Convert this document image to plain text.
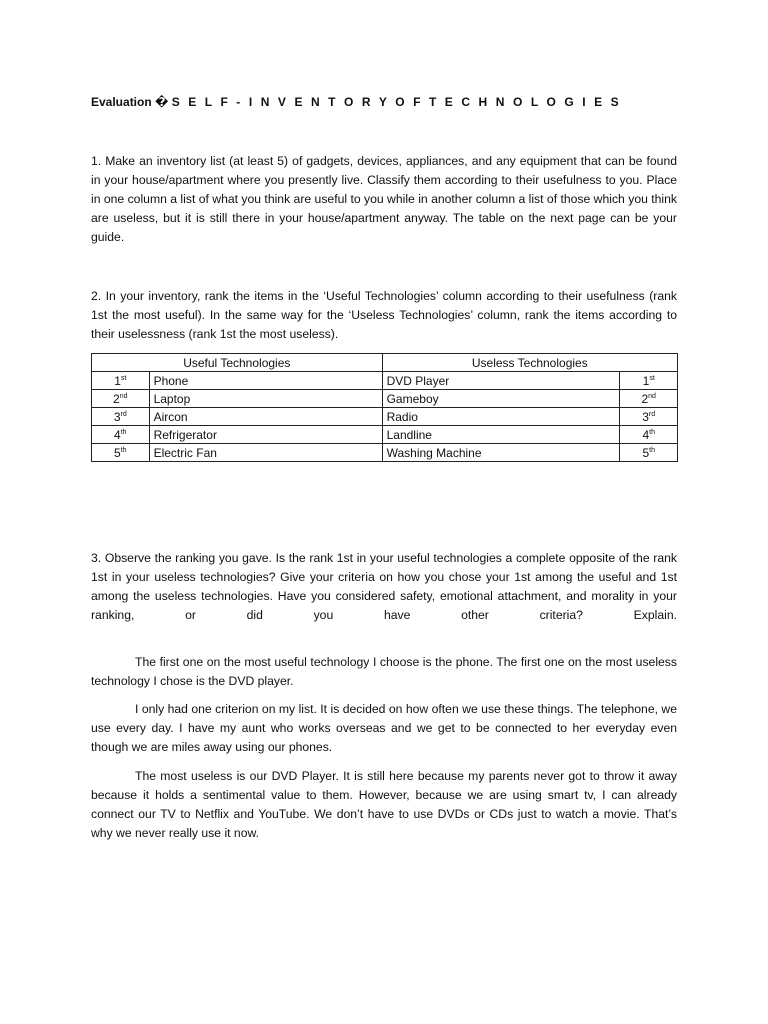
Evaluation � S E L F - I N V E N T O R Y O F T E C H N O L O G I E S

1. Make an inventory list (at least 5) of gadgets, devices, appliances, and any equipment that can be found in your house/apartment where you presently live. Classify them according to their usefulness to you. Place in one column a list of what you think are useful to you while in another column a list of those which you think are useless, but it is still there in your house/apartment anyway. The table on the next page can be your guide.

2. In your inventory, rank the items in the ‘Useful Technologies’ column according to their usefulness (rank 1st the most useful). In the same way for the ‘Useless Technologies’ column, rank the items according to their uselessness (rank 1st the most useless).

Useful Technologies		Useless Technologies	
1st	Phone	DVD Player	1st
2nd	Laptop	Gameboy	2nd
3rd	Aircon	Radio	3rd
4th	Refrigerator	Landline	4th
5th	Electric Fan	Washing Machine	5th

3. Observe the ranking you gave. Is the rank 1st in your useful technologies a complete opposite of the rank 1st in your useless technologies? Give your criteria on how you chose your 1st among the useful and 1st among the useless technologies. Have you considered safety, emotional attachment, and morality in your ranking, or did you have other criteria? Explain.

The first one on the most useful technology I choose is the phone. The first one on the most useless technology I chose is the DVD player.

I only had one criterion on my list. It is decided on how often we use these things. The telephone, we use every day. I have my aunt who works overseas and we get to be connected to her everyday even though we are miles away using our phones.

The most useless is our DVD Player. It is still here because my parents never got to throw it away because it holds a sentimental value to them. However, because we are using smart tv, I can already connect our TV to Netflix and YouTube. We don’t have to use DVDs or CDs just to watch a movie. That’s why we never really use it now.
